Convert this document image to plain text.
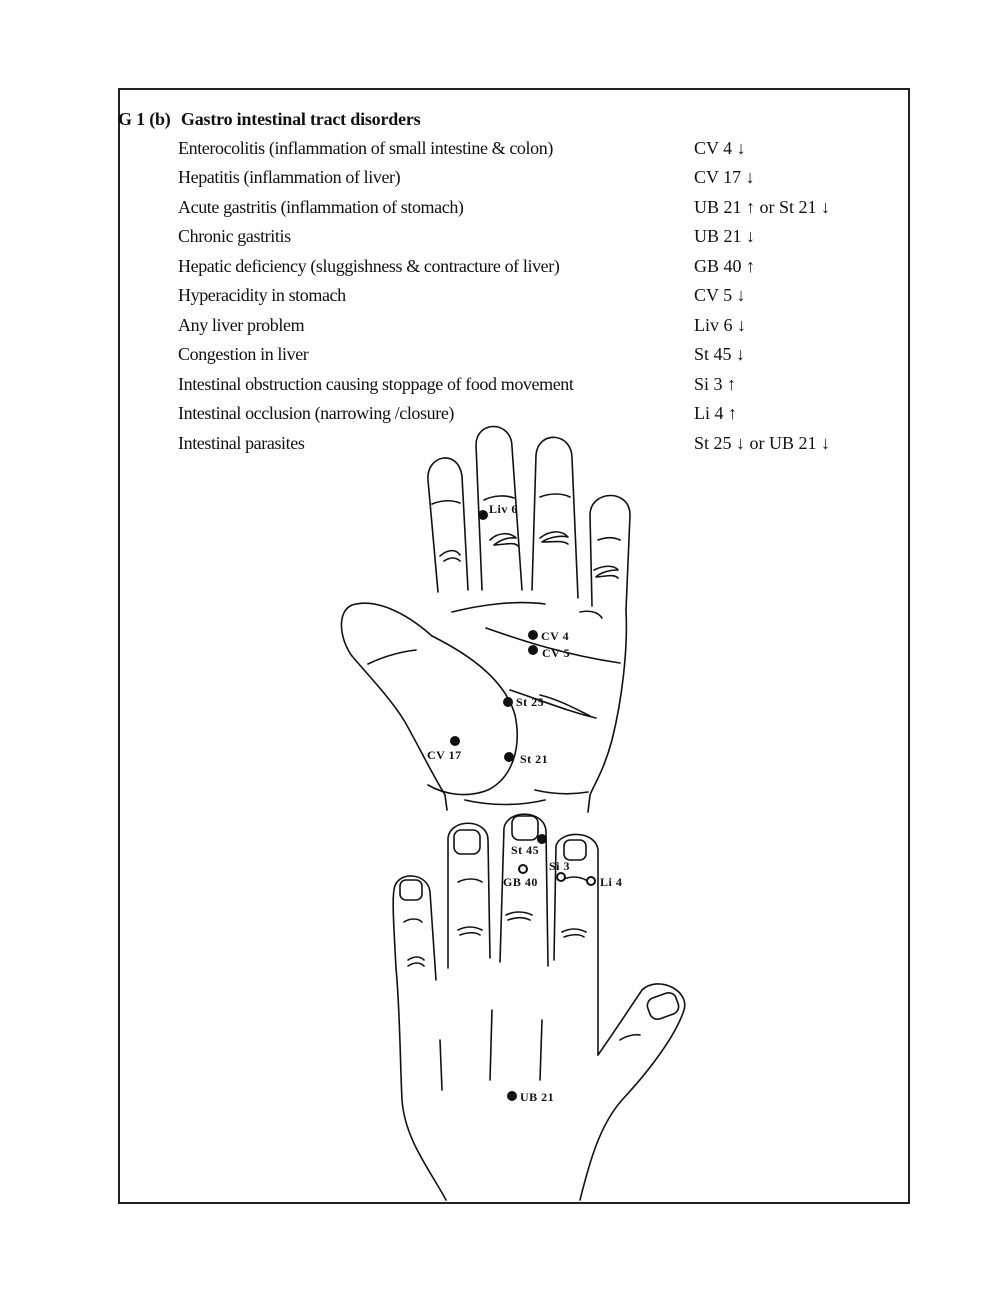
G 1 (b) Gastro intestinal tract disorders
Enterocolitis (inflammation of small intestine & colon)	CV 4 ↓
Hepatitis (inflammation of liver)	CV 17 ↓
Acute gastritis (inflammation of stomach)	UB 21 ↑ or St 21 ↓
Chronic gastritis	UB 21 ↓
Hepatic deficiency (sluggishness & contracture of liver)	GB 40 ↑
Hyperacidity in stomach	CV 5 ↓
Any liver problem	Liv 6 ↓
Congestion in liver	St 45 ↓
Intestinal obstruction causing stoppage of food movement	Si 3 ↑
Intestinal occlusion (narrowing /closure)	Li 4 ↑
Intestinal parasites	St 25 ↓ or UB 21 ↓
Liv 6
CV 4
CV 5
St 25
CV 17	St 21
St 45
Si 3
GB 40	Li 4
UB 21
